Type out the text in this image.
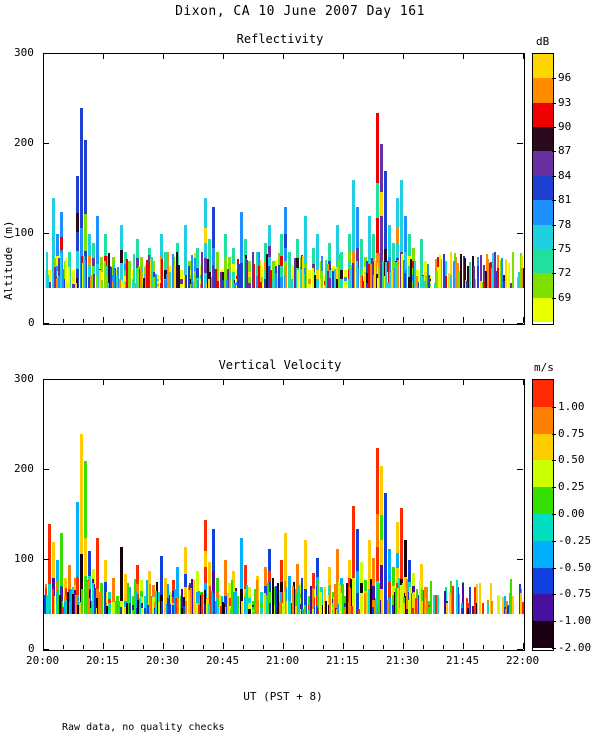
Dixon, CA 10 June 2007 Day 161
Altitude (m)
Reflectivity
0
100
200
300
dB
96
93
90
87
84
81
78
75
72
69
Vertical Velocity
0
100
200
300
20:00 20:15 20:30 20:45 21:00 21:15 21:30 21:45 22:00
m/s
1.00
0.75
0.50
0.25
0.00
-0.25
-0.50
-0.75
-1.00
-2.00
UT (PST + 8)
Raw data, no quality checks
